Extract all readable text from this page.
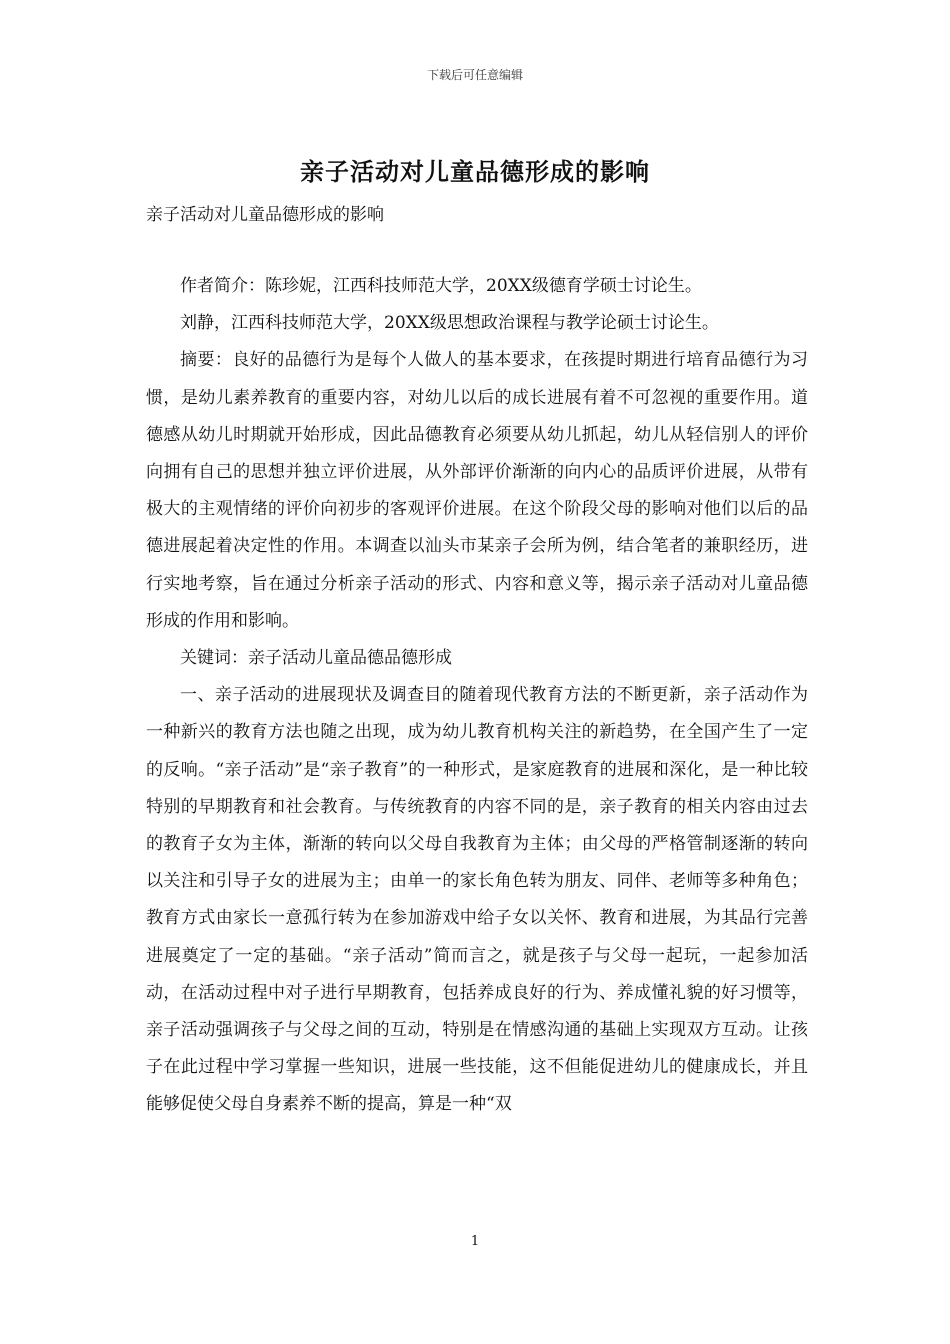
下载后可任意编辑
亲子活动对儿童品德形成的影响
亲子活动对儿童品德形成的影响

作者简介：陈珍妮，江西科技师范大学，20XX级德育学硕士讨论生。

刘静，江西科技师范大学，20XX级思想政治课程与教学论硕士讨论生。

摘要：良好的品德行为是每个人做人的基本要求，在孩提时期进行培育品德行为习惯，是幼儿素养教育的重要内容，对幼儿以后的成长进展有着不可忽视的重要作用。道德感从幼儿时期就开始形成，因此品德教育必须要从幼儿抓起，幼儿从轻信别人的评价向拥有自己的思想并独立评价进展，从外部评价渐渐的向内心的品质评价进展，从带有极大的主观情绪的评价向初步的客观评价进展。在这个阶段父母的影响对他们以后的品德进展起着决定性的作用。本调查以汕头市某亲子会所为例，结合笔者的兼职经历，进行实地考察，旨在通过分析亲子活动的形式、内容和意义等，揭示亲子活动对儿童品德形成的作用和影响。

关键词：亲子活动儿童品德品德形成

一、亲子活动的进展现状及调查目的随着现代教育方法的不断更新，亲子活动作为一种新兴的教育方法也随之出现，成为幼儿教育机构关注的新趋势，在全国产生了一定的反响。“亲子活动”是“亲子教育”的一种形式，是家庭教育的进展和深化，是一种比较特别的早期教育和社会教育。与传统教育的内容不同的是，亲子教育的相关内容由过去的教育子女为主体，渐渐的转向以父母自我教育为主体；由父母的严格管制逐渐的转向以关注和引导子女的进展为主；由单一的家长角色转为朋友、同伴、老师等多种角色；教育方式由家长一意孤行转为在参加游戏中给子女以关怀、教育和进展，为其品行完善进展奠定了一定的基础。“亲子活动”简而言之，就是孩子与父母一起玩，一起参加活动，在活动过程中对子进行早期教育，包括养成良好的行为、养成懂礼貌的好习惯等，亲子活动强调孩子与父母之间的互动，特别是在情感沟通的基础上实现双方互动。让孩子在此过程中学习掌握一些知识，进展一些技能，这不但能促进幼儿的健康成长，并且能够促使父母自身素养不断的提高，算是一种“双

1
